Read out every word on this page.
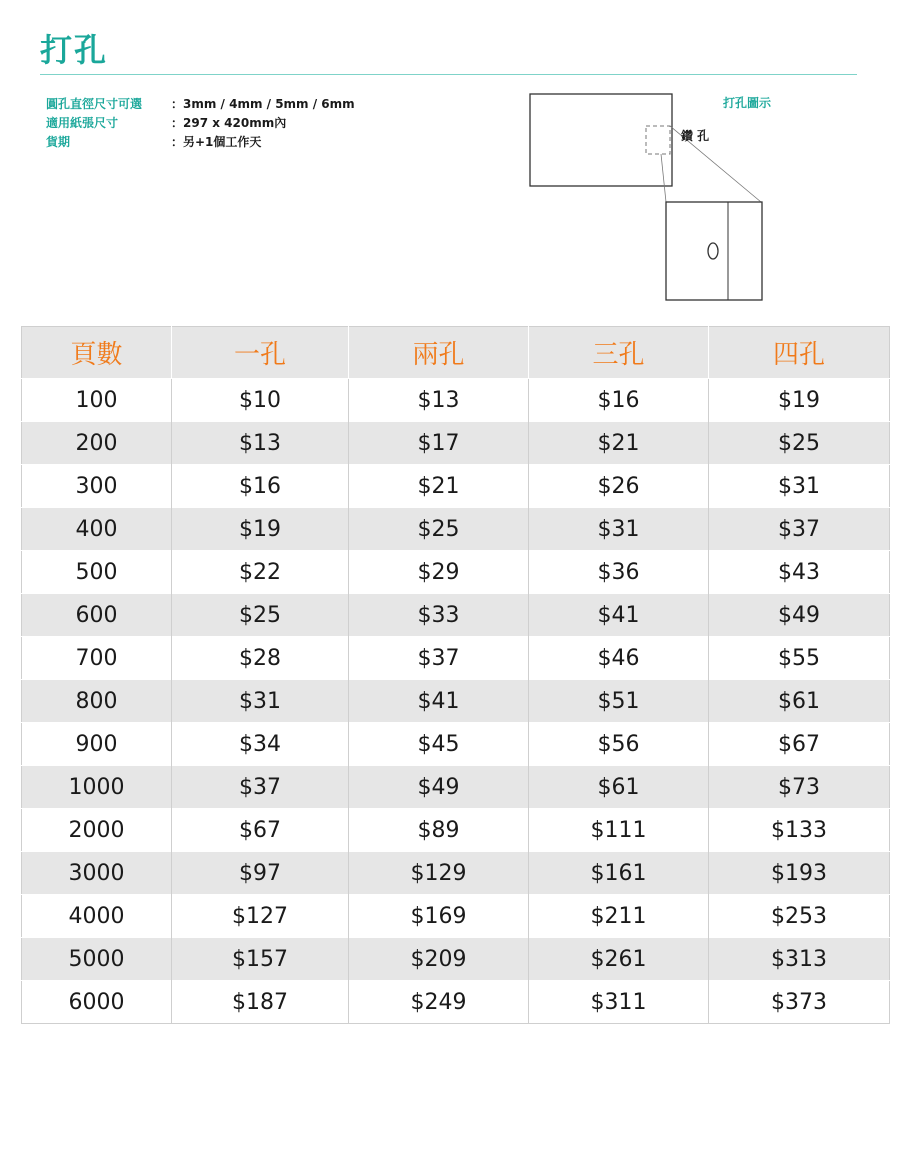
打孔
圓孔直徑尺寸可選	：3mm / 4mm / 5mm / 6mm
適用紙張尺寸	：297 x 420mm內
貨期	：另+1個工作天
打孔圖示
鑽 孔
頁數	一孔	兩孔	三孔	四孔
100	$10	$13	$16	$19
200	$13	$17	$21	$25
300	$16	$21	$26	$31
400	$19	$25	$31	$37
500	$22	$29	$36	$43
600	$25	$33	$41	$49
700	$28	$37	$46	$55
800	$31	$41	$51	$61
900	$34	$45	$56	$67
1000	$37	$49	$61	$73
2000	$67	$89	$111	$133
3000	$97	$129	$161	$193
4000	$127	$169	$211	$253
5000	$157	$209	$261	$313
6000	$187	$249	$311	$373
